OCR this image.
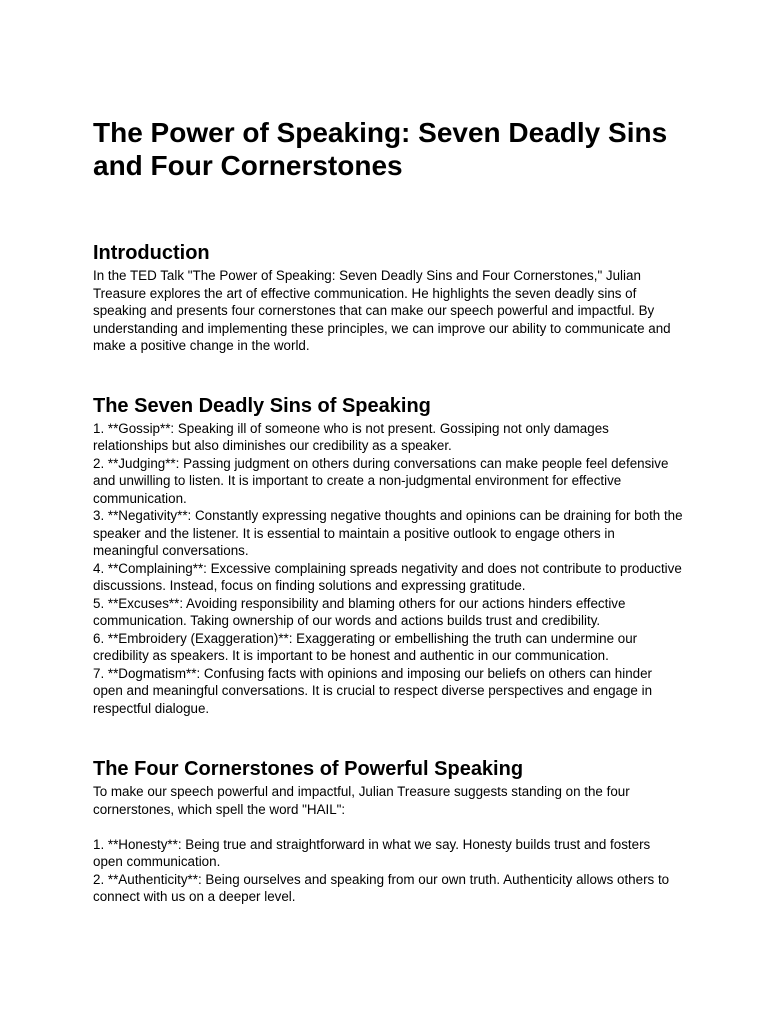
The Power of Speaking: Seven Deadly Sins and Four Cornerstones
Introduction

In the TED Talk "The Power of Speaking: Seven Deadly Sins and Four Cornerstones," Julian Treasure explores the art of effective communication. He highlights the seven deadly sins of speaking and presents four cornerstones that can make our speech powerful and impactful. By understanding and implementing these principles, we can improve our ability to communicate and make a positive change in the world.

The Seven Deadly Sins of Speaking

1. **Gossip**: Speaking ill of someone who is not present. Gossiping not only damages relationships but also diminishes our credibility as a speaker.

2. **Judging**: Passing judgment on others during conversations can make people feel defensive and unwilling to listen. It is important to create a non-judgmental environment for effective communication.

3. **Negativity**: Constantly expressing negative thoughts and opinions can be draining for both the speaker and the listener. It is essential to maintain a positive outlook to engage others in meaningful conversations.

4. **Complaining**: Excessive complaining spreads negativity and does not contribute to productive discussions. Instead, focus on finding solutions and expressing gratitude.

5. **Excuses**: Avoiding responsibility and blaming others for our actions hinders effective communication. Taking ownership of our words and actions builds trust and credibility.

6. **Embroidery (Exaggeration)**: Exaggerating or embellishing the truth can undermine our credibility as speakers. It is important to be honest and authentic in our communication.

7. **Dogmatism**: Confusing facts with opinions and imposing our beliefs on others can hinder open and meaningful conversations. It is crucial to respect diverse perspectives and engage in respectful dialogue.

The Four Cornerstones of Powerful Speaking

To make our speech powerful and impactful, Julian Treasure suggests standing on the four cornerstones, which spell the word "HAIL":

1. **Honesty**: Being true and straightforward in what we say. Honesty builds trust and fosters open communication.

2. **Authenticity**: Being ourselves and speaking from our own truth. Authenticity allows others to connect with us on a deeper level.
